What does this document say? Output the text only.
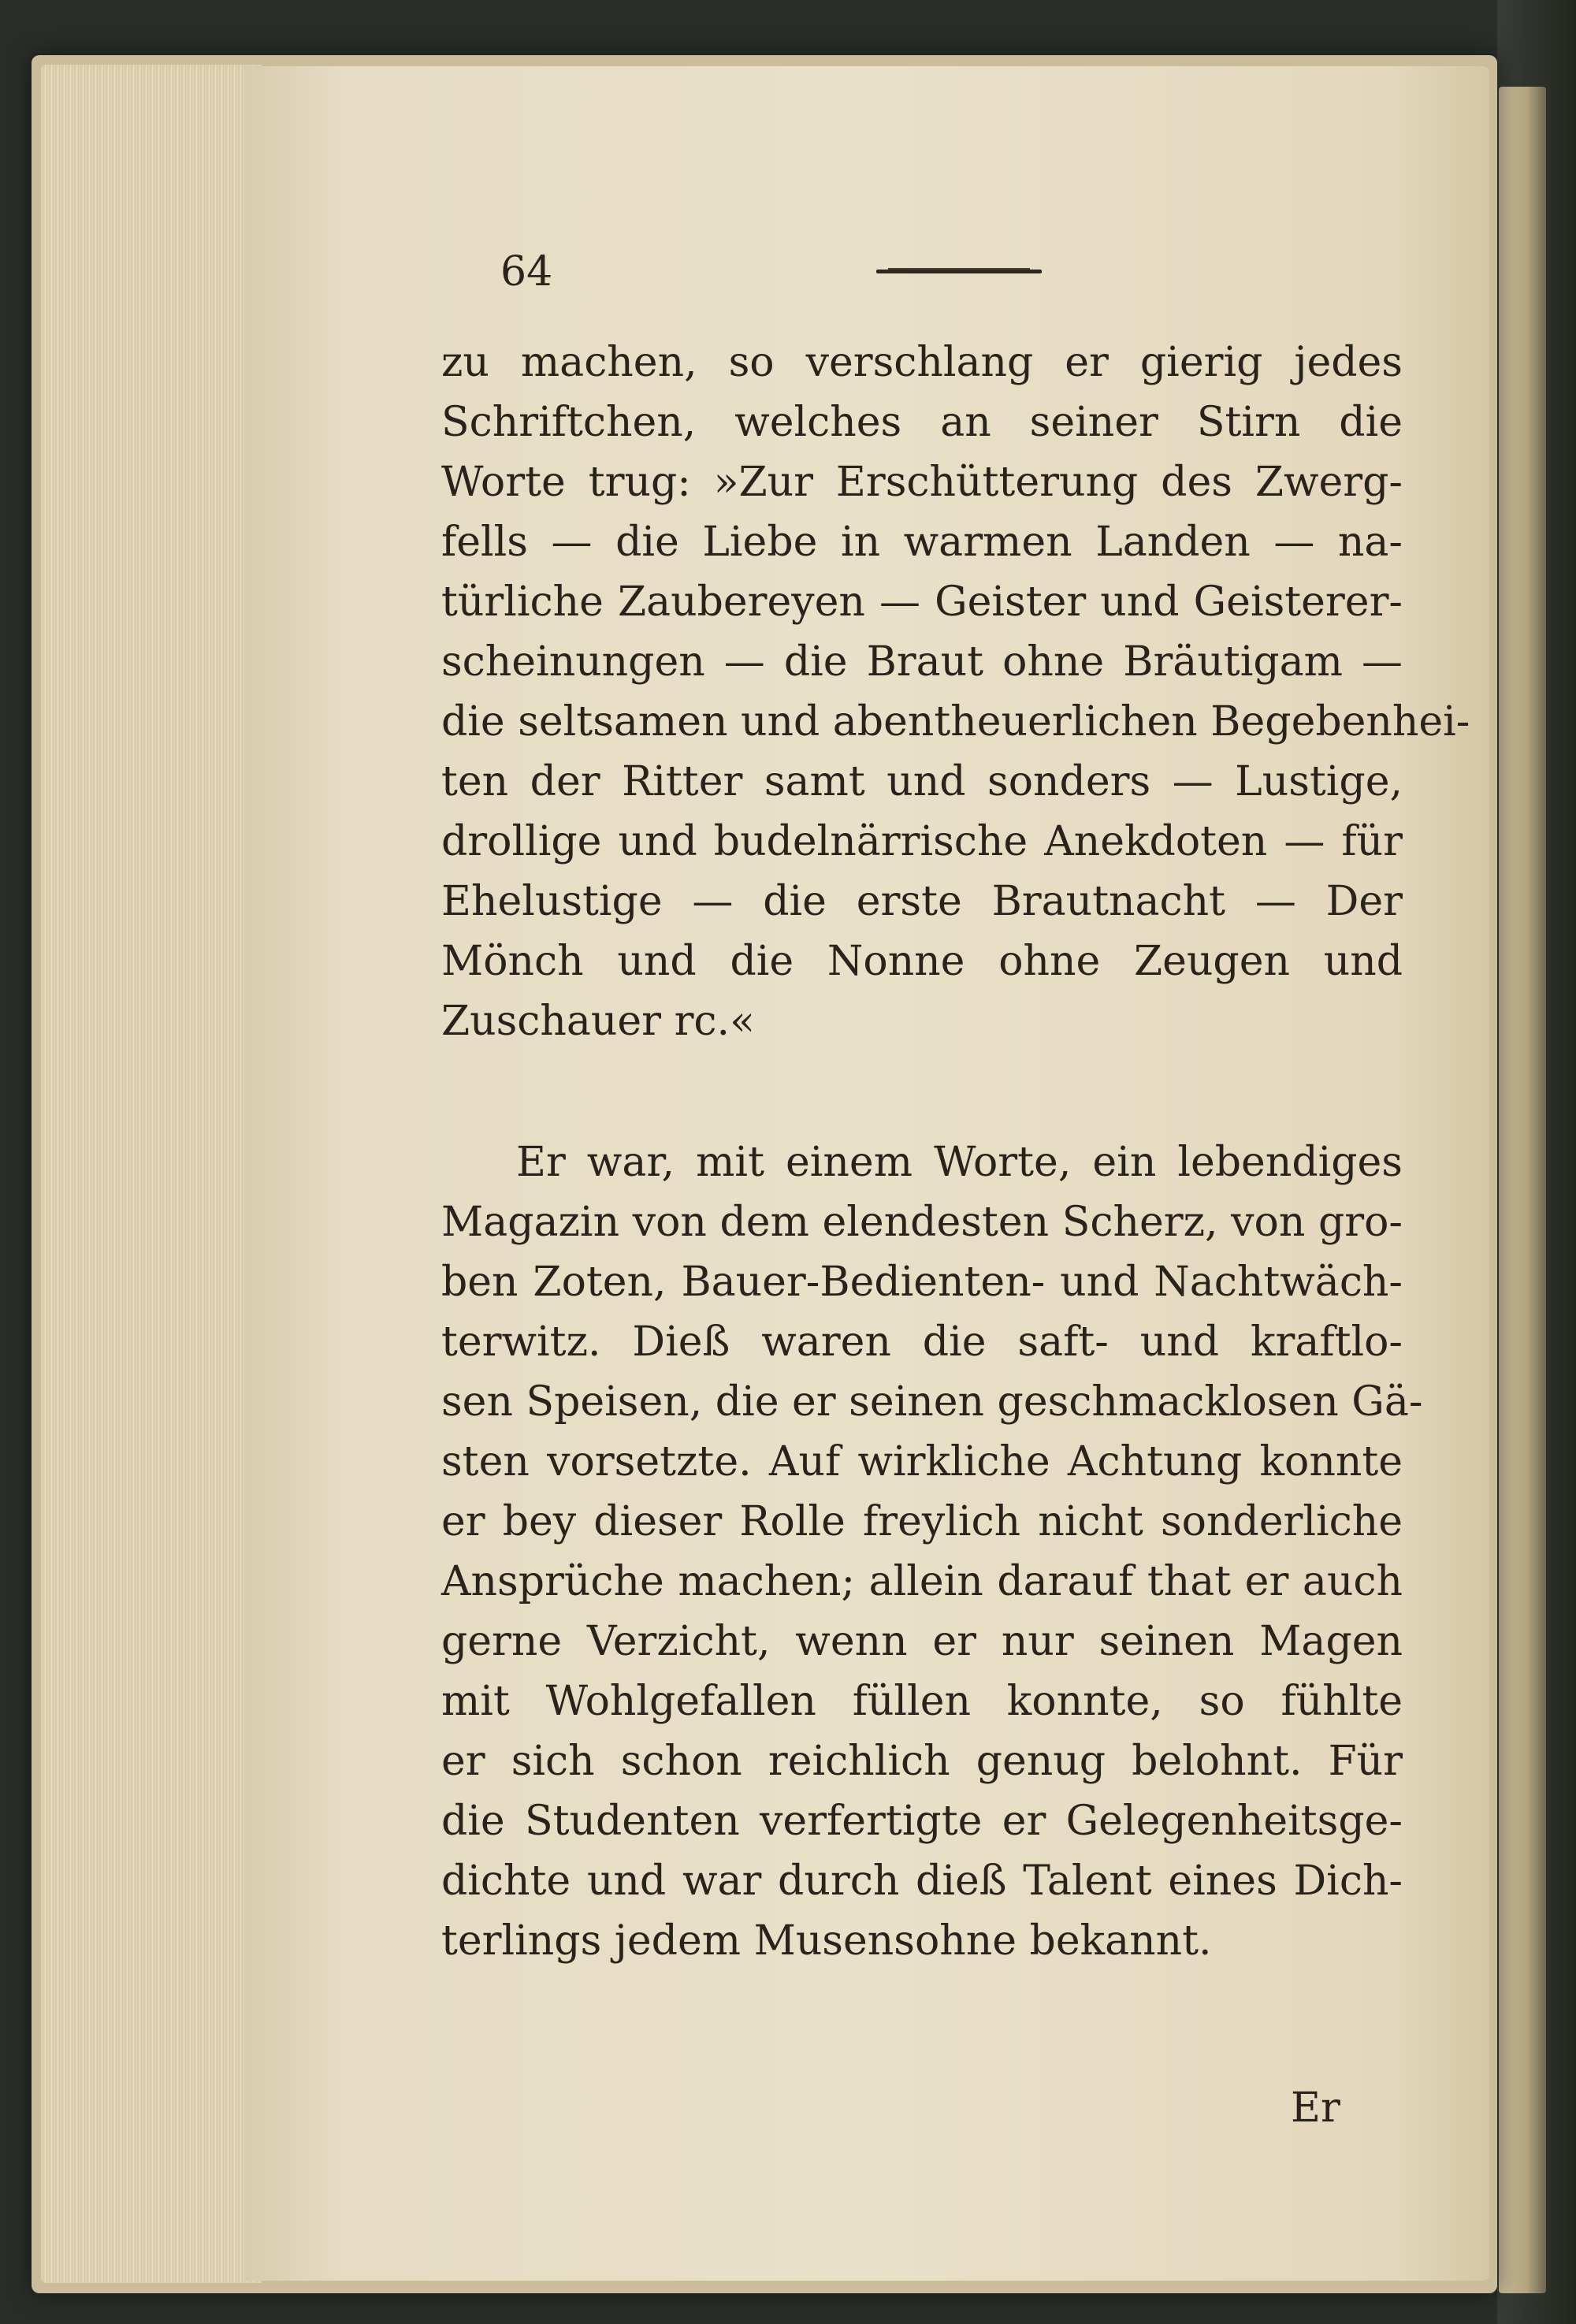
64
zu machen, so verschlang er gierig jedes
Schriftchen, welches an seiner Stirn die
Worte trug: »Zur Erschütterung des Zwerg-
fells — die Liebe in warmen Landen — na-
türliche Zaubereyen — Geister und Geisterer-
scheinungen — die Braut ohne Bräutigam —
die seltsamen und abentheuerlichen Begebenhei-
ten der Ritter samt und sonders — Lustige,
drollige und budelnärrische Anekdoten — für
Ehelustige — die erste Brautnacht — Der
Mönch und die Nonne ohne Zeugen und
Zuschauer rc.«
Er war, mit einem Worte, ein lebendiges
Magazin von dem elendesten Scherz, von gro-
ben Zoten, Bauer-Bedienten- und Nachtwäch-
terwitz. Dieß waren die saft- und kraftlo-
sen Speisen, die er seinen geschmacklosen Gä-
sten vorsetzte. Auf wirkliche Achtung konnte
er bey dieser Rolle freylich nicht sonderliche
Ansprüche machen; allein darauf that er auch
gerne Verzicht, wenn er nur seinen Magen
mit Wohlgefallen füllen konnte, so fühlte
er sich schon reichlich genug belohnt. Für
die Studenten verfertigte er Gelegenheitsge-
dichte und war durch dieß Talent eines Dich-
terlings jedem Musensohne bekannt.
Er
